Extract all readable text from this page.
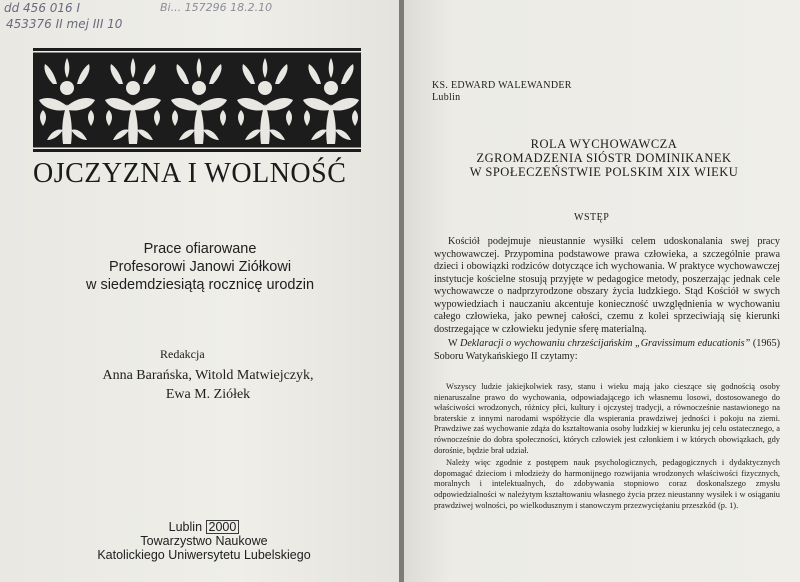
dd 456 016 I
453376 II mej III 10
Bi... 157296 18.2.10
OJCZYZNA I WOLNOŚĆ
Prace ofiarowane
Profesorowi Janowi Ziółkowi
w siedemdziesiątą rocznicę urodzin
Redakcja
Anna Barańska, Witold Matwiejczyk,
Ewa M. Ziółek
Lublin 2000
Towarzystwo Naukowe
Katolickiego Uniwersytetu Lubelskiego
KS. EDWARD WALEWANDER
Lublin
ROLA WYCHOWAWCZA
ZGROMADZENIA SIÓSTR DOMINIKANEK
W SPOŁECZEŃSTWIE POLSKIM XIX WIEKU
WSTĘP

Kościół podejmuje nieustannie wysiłki celem udoskonalania swej pracy wychowawczej. Przypomina podstawowe prawa człowieka, a szczególnie prawa dzieci i obowiązki rodziców dotyczące ich wychowania. W praktyce wychowawczej instytucje kościelne stosują przyjęte w pedagogice metody, poszerzając jednak cele wychowawcze o nadprzyrodzone obszary życia ludzkiego. Stąd Kościół w swych wypowiedziach i nauczaniu akcentuje konieczność uwzględnienia w wychowaniu całego człowieka, jako pewnej całości, czemu z kolei sprzeciwiają się kierunki dostrzegające w człowieku jedynie sferę materialną.

W Deklaracji o wychowaniu chrześcijańskim „Gravissimum educationis” (1965) Soboru Watykańskiego II czytamy:

Wszyscy ludzie jakiejkolwiek rasy, stanu i wieku mają jako cieszące się godnością osoby nienaruszalne prawo do wychowania, odpowiadającego ich własnemu losowi, dostosowanego do właściwości wrodzonych, różnicy płci, kultury i ojczystej tradycji, a równocześnie nastawionego na braterskie z innymi narodami współżycie dla wspierania prawdziwej jedności i pokoju na ziemi. Prawdziwe zaś wychowanie zdąża do kształtowania osoby ludzkiej w kierunku jej celu ostatecznego, a równocześnie do dobra społeczności, których człowiek jest członkiem i w których obowiązkach, gdy dorośnie, będzie brał udział.

Należy więc zgodnie z postępem nauk psychologicznych, pedagogicznych i dydaktycznych dopomagać dzieciom i młodzieży do harmonijnego rozwijania wrodzonych właściwości fizycznych, moralnych i intelektualnych, do zdobywania stopniowo coraz doskonalszego zmysłu odpowiedzialności w należytym kształtowaniu własnego życia przez nieustanny wysiłek i w osiąganiu prawdziwej wolności, po wielkodusznym i stanowczym przezwyciężaniu przeszkód (p. 1).
